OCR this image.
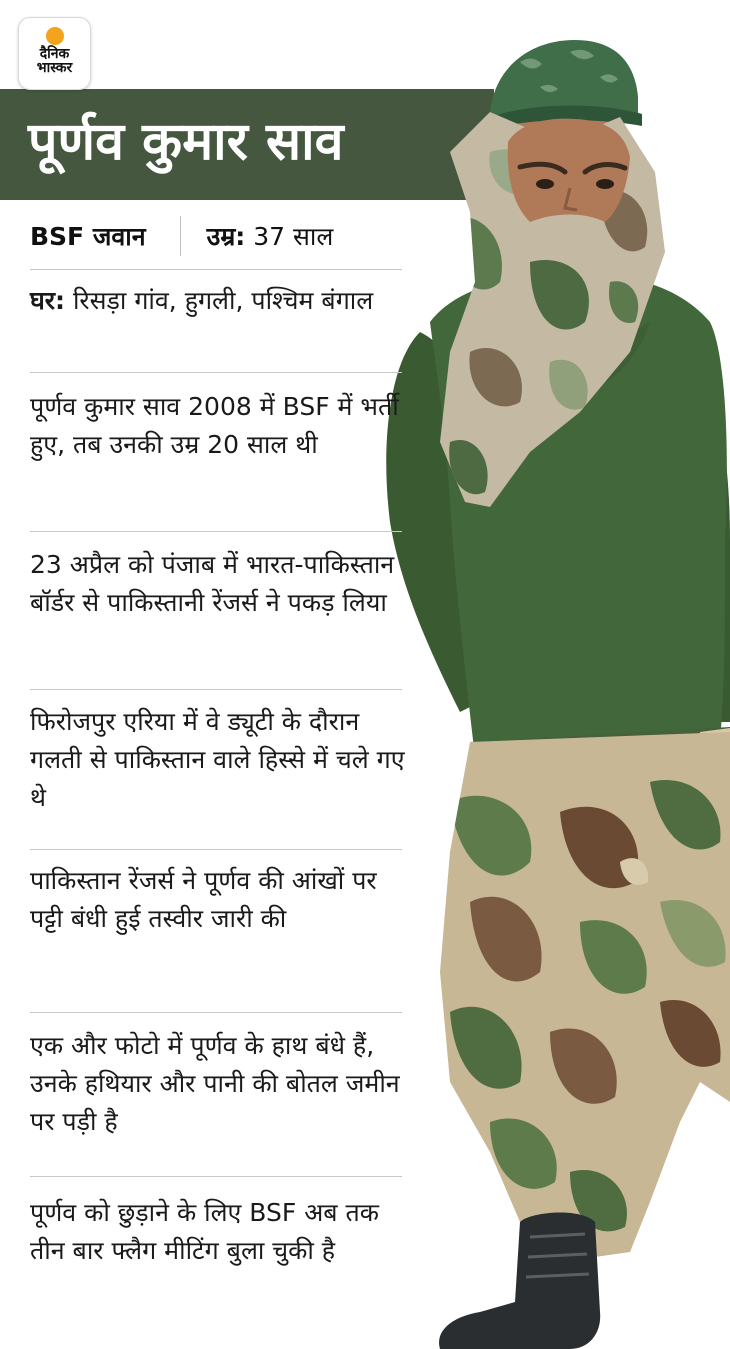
दैनिक
भास्कर
पूर्णव कुमार साव
BSF जवान उम्र: 37 साल

घर: रिसड़ा गांव, हुगली, पश्चिम बंगाल

पूर्णव कुमार साव 2008 में BSF में भर्ती हुए, तब उनकी उम्र 20 साल थी

23 अप्रैल को पंजाब में भारत-पाकिस्तान बॉर्डर से पाकिस्तानी रेंजर्स ने पकड़ लिया

फिरोजपुर एरिया में वे ड्यूटी के दौरान गलती से पाकिस्तान वाले हिस्से में चले गए थे

पाकिस्तान रेंजर्स ने पूर्णव की आंखों पर पट्टी बंधी हुई तस्वीर जारी की

एक और फोटो में पूर्णव के हाथ बंधे हैं, उनके हथियार और पानी की बोतल जमीन पर पड़ी है

पूर्णव को छुड़ाने के लिए BSF अब तक तीन बार फ्लैग मीटिंग बुला चुकी है
